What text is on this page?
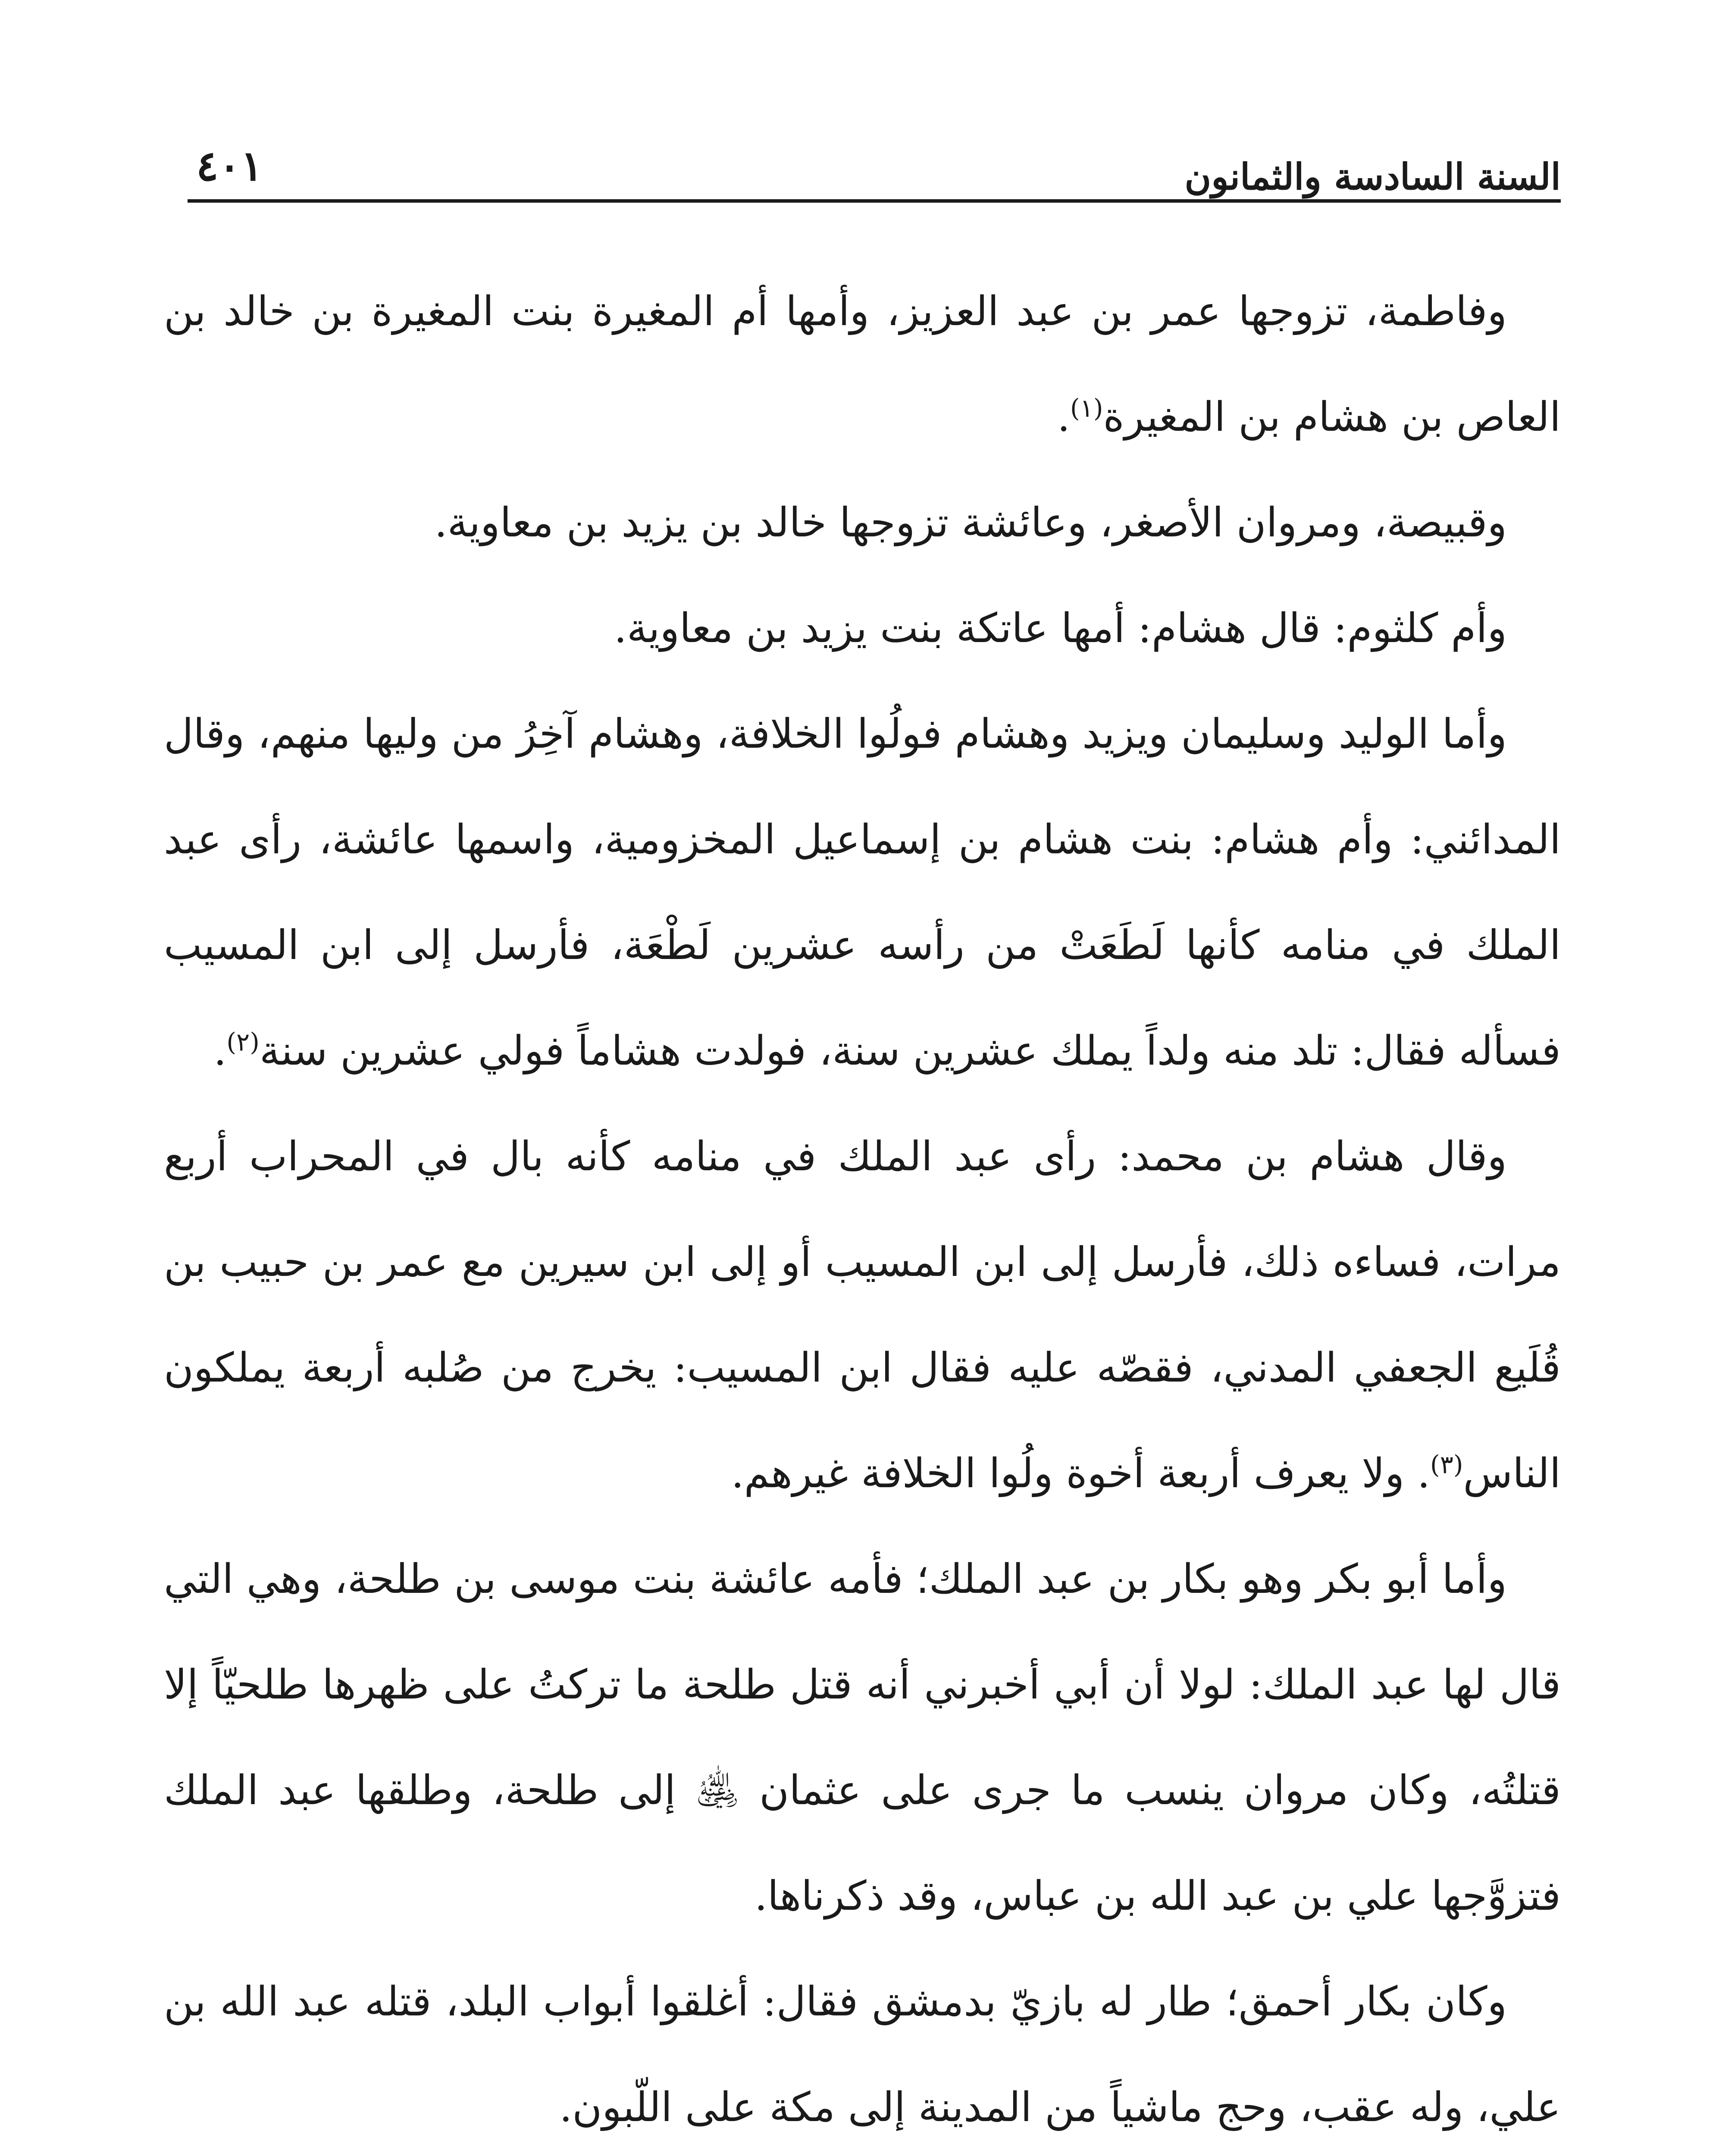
السنة السادسة والثمانون
٤٠١

وفاطمة، تزوجها عمر بن عبد العزيز، وأمها أم المغيرة بنت المغيرة بن خالد بن العاص بن هشام بن المغيرة$^{(١)}$.

وقبيصة، ومروان الأصغر، وعائشة تزوجها خالد بن يزيد بن معاوية.

وأم كلثوم: قال هشام: أمها عاتكة بنت يزيد بن معاوية.

وأما الوليد وسليمان ويزيد وهشام فولُوا الخلافة، وهشام آخِرُ من وليها منهم، وقال المدائني: وأم هشام: بنت هشام بن إسماعيل المخزومية، واسمها عائشة، رأى عبد الملك في منامه كأنها لَطَعَتْ من رأسه عشرين لَطْعَة، فأرسل إلى ابن المسيب فسأله فقال: تلد منه ولداً يملك عشرين سنة، فولدت هشاماً فولي عشرين سنة$^{(٢)}$.

وقال هشام بن محمد: رأى عبد الملك في منامه كأنه بال في المحراب أربع مرات، فساءه ذلك، فأرسل إلى ابن المسيب أو إلى ابن سيرين مع عمر بن حبيب بن قُلَيع الجعفي المدني، فقصّه عليه فقال ابن المسيب: يخرج من صُلبه أربعة يملكون الناس$^{(٣)}$. ولا يعرف أربعة أخوة ولُوا الخلافة غيرهم.

وأما أبو بكر وهو بكار بن عبد الملك؛ فأمه عائشة بنت موسى بن طلحة، وهي التي قال لها عبد الملك: لولا أن أبي أخبرني أنه قتل طلحة ما تركتُ على ظهرها طلحيّاً إلا قتلتُه، وكان مروان ينسب ما جرى على عثمان ﵁ إلى طلحة، وطلقها عبد الملك فتزوَّجها علي بن عبد الله بن عباس، وقد ذكرناها.

وكان بكار أحمق؛ طار له بازيّ بدمشق فقال: أغلقوا أبواب البلد، قتله عبد الله بن علي، وله عقب، وحج ماشياً من المدينة إلى مكة على اللّبون.
